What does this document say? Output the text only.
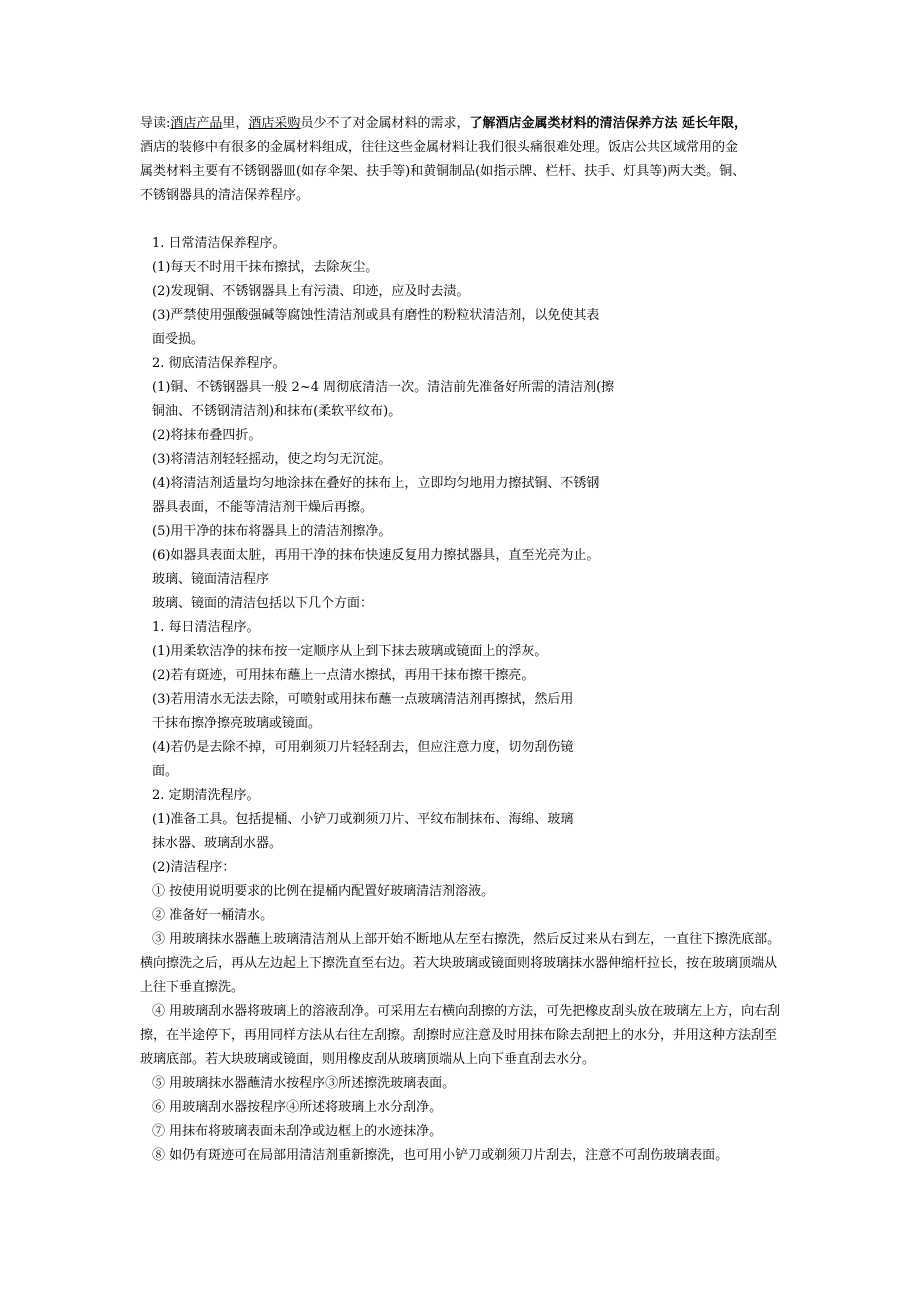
导读:酒店产品里，酒店采购员少不了对金属材料的需求，了解酒店金属类材料的清洁保养方法 延长年限，

酒店的装修中有很多的金属材料组成，往往这些金属材料让我们很头痛很难处理。饭店公共区域常用的金

属类材料主要有不锈钢器皿(如存伞架、扶手等)和黄铜制品(如指示牌、栏杆、扶手、灯具等)两大类。铜、

不锈钢器具的清洁保养程序。

1. 日常清洁保养程序。

(1)每天不时用干抹布擦拭，去除灰尘。

(2)发现铜、不锈钢器具上有污渍、印迹，应及时去渍。

(3)严禁使用强酸强碱等腐蚀性清洁剂或具有磨性的粉粒状清洁剂，以免使其表

面受损。

2. 彻底清洁保养程序。

(1)铜、不锈钢器具一般 2~4 周彻底清洁一次。清洁前先准备好所需的清洁剂(擦

铜油、不锈钢清洁剂)和抹布(柔软平纹布)。

(2)将抹布叠四折。

(3)将清洁剂轻轻摇动，使之均匀无沉淀。

(4)将清洁剂适量均匀地涂抹在叠好的抹布上，立即均匀地用力擦拭铜、不锈钢

器具表面，不能等清洁剂干燥后再擦。

(5)用干净的抹布将器具上的清洁剂擦净。

(6)如器具表面太脏，再用干净的抹布快速反复用力擦拭器具，直至光亮为止。

玻璃、镜面清洁程序

玻璃、镜面的清洁包括以下几个方面：

1. 每日清洁程序。

(1)用柔软洁净的抹布按一定顺序从上到下抹去玻璃或镜面上的浮灰。

(2)若有斑迹，可用抹布蘸上一点清水擦拭，再用干抹布擦干擦亮。

(3)若用清水无法去除，可喷射或用抹布蘸一点玻璃清洁剂再擦拭，然后用

干抹布擦净擦亮玻璃或镜面。

(4)若仍是去除不掉，可用剃须刀片轻轻刮去，但应注意力度，切勿刮伤镜

面。

2. 定期清洗程序。

(1)准备工具。包括提桶、小铲刀或剃须刀片、平纹布制抹布、海绵、玻璃

抹水器、玻璃刮水器。

(2)清洁程序：

① 按使用说明要求的比例在提桶内配置好玻璃清洁剂溶液。

② 准备好一桶清水。

③ 用玻璃抹水器蘸上玻璃清洁剂从上部开始不断地从左至右擦洗，然后反过来从右到左，一直往下擦洗底部。横向擦洗之后，再从左边起上下擦洗直至右边。若大块玻璃或镜面则将玻璃抹水器伸缩杆拉长，按在玻璃顶端从上往下垂直擦洗。

④ 用玻璃刮水器将玻璃上的溶液刮净。可采用左右横向刮擦的方法，可先把橡皮刮头放在玻璃左上方，向右刮擦，在半途停下，再用同样方法从右往左刮擦。刮擦时应注意及时用抹布除去刮把上的水分，并用这种方法刮至玻璃底部。若大块玻璃或镜面，则用橡皮刮从玻璃顶端从上向下垂直刮去水分。

⑤ 用玻璃抹水器蘸清水按程序③所述擦洗玻璃表面。

⑥ 用玻璃刮水器按程序④所述将玻璃上水分刮净。

⑦ 用抹布将玻璃表面未刮净或边框上的水迹抹净。

⑧ 如仍有斑迹可在局部用清洁剂重新擦洗，也可用小铲刀或剃须刀片刮去，注意不可刮伤玻璃表面。
